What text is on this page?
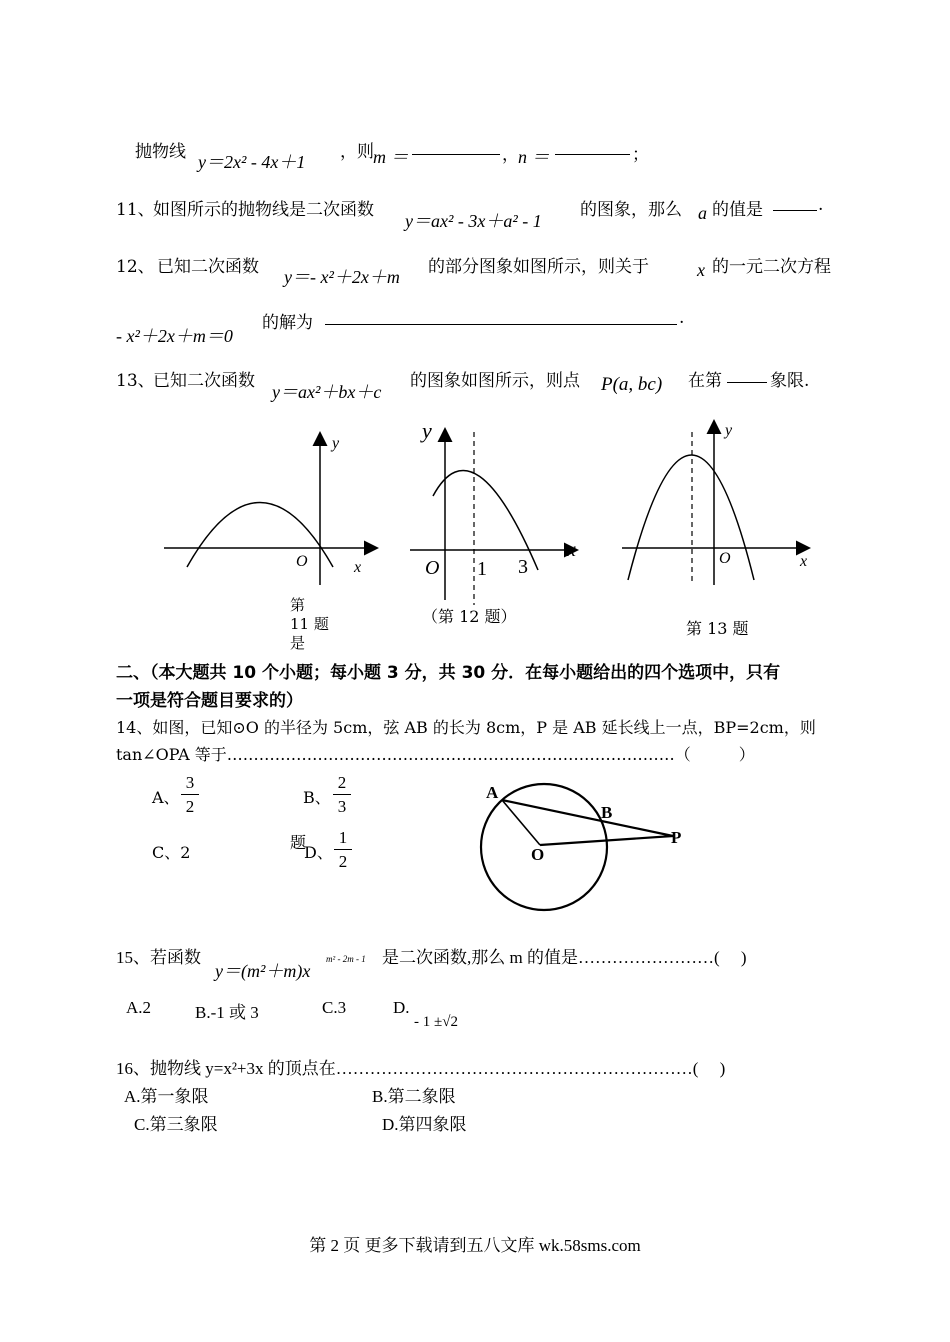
抛物线 y＝2x² - 4x＋1 ，则 m ＝	， n ＝	；
11、
如图所示的抛物线是二次函数
y＝ax² - 3x＋a² - 1
的图象，那么 a 的值是	.
12、 已知二次函数 y＝- x²＋2x＋m 的部分图象如图所示，则关于	x 的一元二次方程
- x²＋2x＋m＝0
的解为	.
13、
已知二次函数
y＝ax²＋bx＋c
的图象如图所示，则点 P(a, bc) 在第	象限.
y
x
O
第
11 题
是
y
x
O 1 3
（第 12 题）
y
x
O
第 13 题
二、（本大题共 10 个小题；每小题 3 分，共 30 分．在每小题给出的四个选项中，只有
一项是符合题目要求的）
14、如图，已知⊙O 的半径为 5cm，弦 AB 的长为 8cm，P 是 AB 延长线上一点，BP=2cm，则
tan∠OPA 等于…………………………………………………………………………（　　　）
A、 $\frac{3}{2}$	B、 $\frac{2}{3}$
C、2
题
D、 $\frac{1}{2}$
A
B
O
P
15、若函数
y＝(m²＋m)x
m² - 2m - 1 是二次函数,那么 m 的值是……………………(　 )
A.2	B.-1 或 3	C.3	D.
- 1 ±√2
16、抛物线 y=x²+3x 的顶点在………………………………………………………(　 )
A.第一象限	B.第二象限
C.第三象限	D.第四象限
第 2 页 更多下载请到五八文库 wk.58sms.com
